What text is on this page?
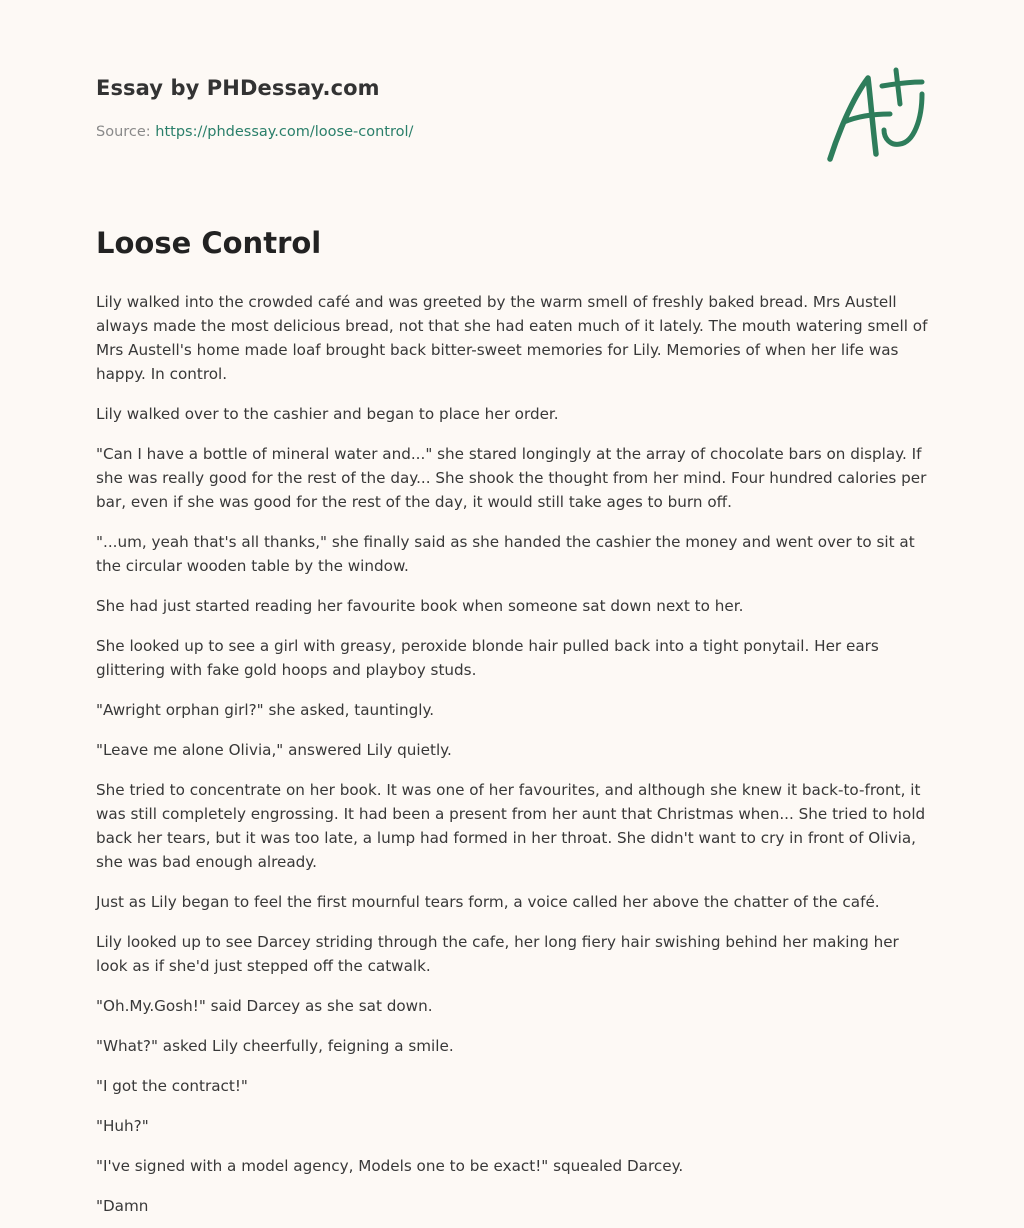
Essay by PHDessay.com

Source: https://phdessay.com/loose-control/

Loose Control

Lily walked into the crowded café and was greeted by the warm smell of freshly baked bread. Mrs Austell always made the most delicious bread, not that she had eaten much of it lately. The mouth watering smell of Mrs Austell's home made loaf brought back bitter-sweet memories for Lily. Memories of when her life was happy. In control.

Lily walked over to the cashier and began to place her order.

"Can I have a bottle of mineral water and..." she stared longingly at the array of chocolate bars on display. If she was really good for the rest of the day... She shook the thought from her mind. Four hundred calories per bar, even if she was good for the rest of the day, it would still take ages to burn off.

"...um, yeah that's all thanks," she finally said as she handed the cashier the money and went over to sit at the circular wooden table by the window.

She had just started reading her favourite book when someone sat down next to her.

She looked up to see a girl with greasy, peroxide blonde hair pulled back into a tight ponytail. Her ears glittering with fake gold hoops and playboy studs.

"Awright orphan girl?" she asked, tauntingly.

"Leave me alone Olivia," answered Lily quietly.

She tried to concentrate on her book. It was one of her favourites, and although she knew it back-to-front, it was still completely engrossing. It had been a present from her aunt that Christmas when... She tried to hold back her tears, but it was too late, a lump had formed in her throat. She didn't want to cry in front of Olivia, she was bad enough already.

Just as Lily began to feel the first mournful tears form, a voice called her above the chatter of the café.

Lily looked up to see Darcey striding through the cafe, her long fiery hair swishing behind her making her look as if she'd just stepped off the catwalk.

"Oh.My.Gosh!" said Darcey as she sat down.

"What?" asked Lily cheerfully, feigning a smile.

"I got the contract!"

"Huh?"

"I've signed with a model agency, Models one to be exact!" squealed Darcey.

"Damn
